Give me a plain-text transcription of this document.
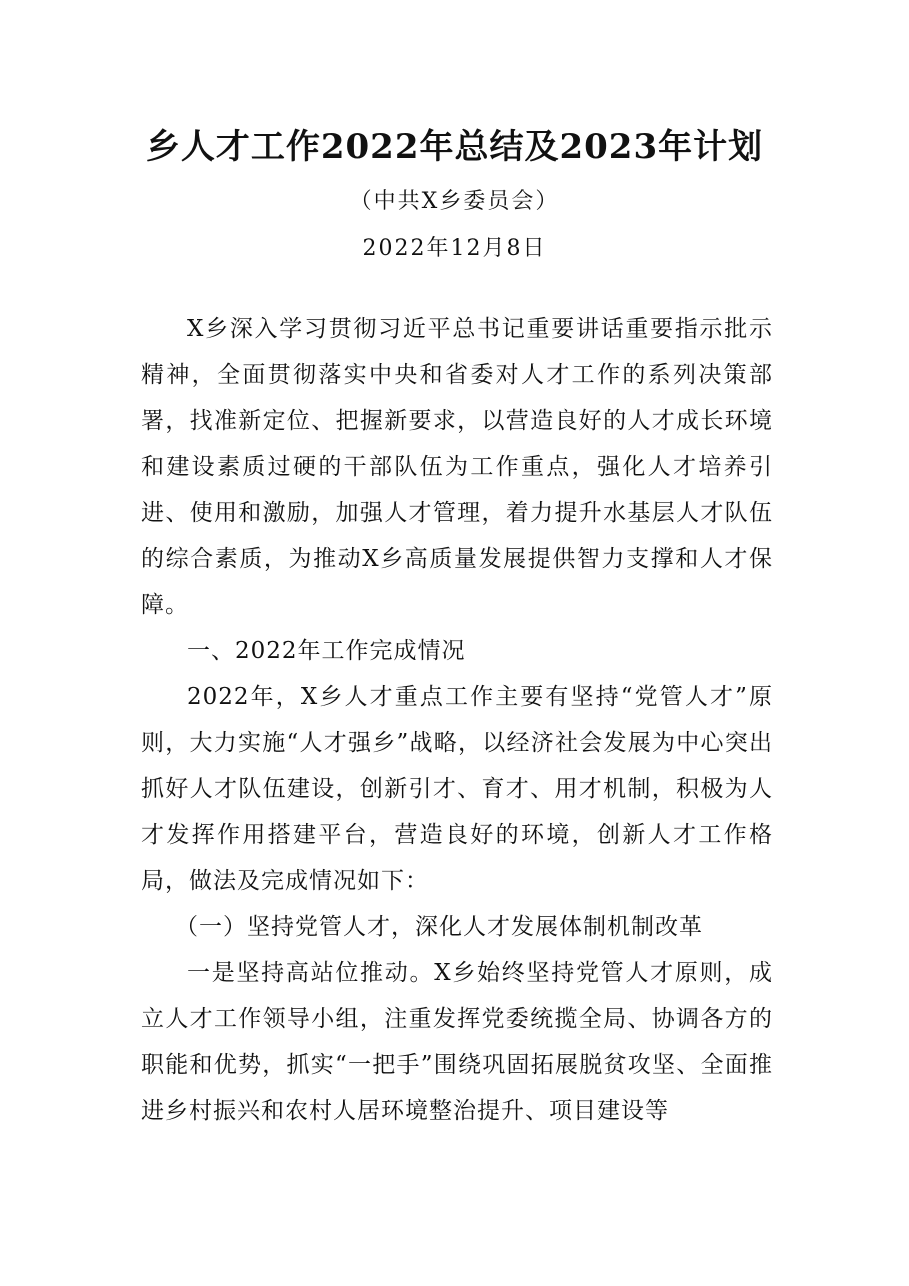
乡人才工作2022年总结及2023年计划
（中共X乡委员会）
2022年12月8日

X乡深入学习贯彻习近平总书记重要讲话重要指示批示精神，全面贯彻落实中央和省委对人才工作的系列决策部署，找准新定位、把握新要求，以营造良好的人才成长环境和建设素质过硬的干部队伍为工作重点，强化人才培养引进、使用和激励，加强人才管理，着力提升水基层人才队伍的综合素质，为推动X乡高质量发展提供智力支撑和人才保障。

一、2022年工作完成情况

2022年，X乡人才重点工作主要有坚持“党管人才”原则，大力实施“人才强乡”战略，以经济社会发展为中心突出抓好人才队伍建设，创新引才、育才、用才机制，积极为人才发挥作用搭建平台，营造良好的环境，创新人才工作格局，做法及完成情况如下：

（一）坚持党管人才，深化人才发展体制机制改革

一是坚持高站位推动。X乡始终坚持党管人才原则，成立人才工作领导小组，注重发挥党委统揽全局、协调各方的职能和优势，抓实“一把手”围绕巩固拓展脱贫攻坚、全面推进乡村振兴和农村人居环境整治提升、项目建设等
